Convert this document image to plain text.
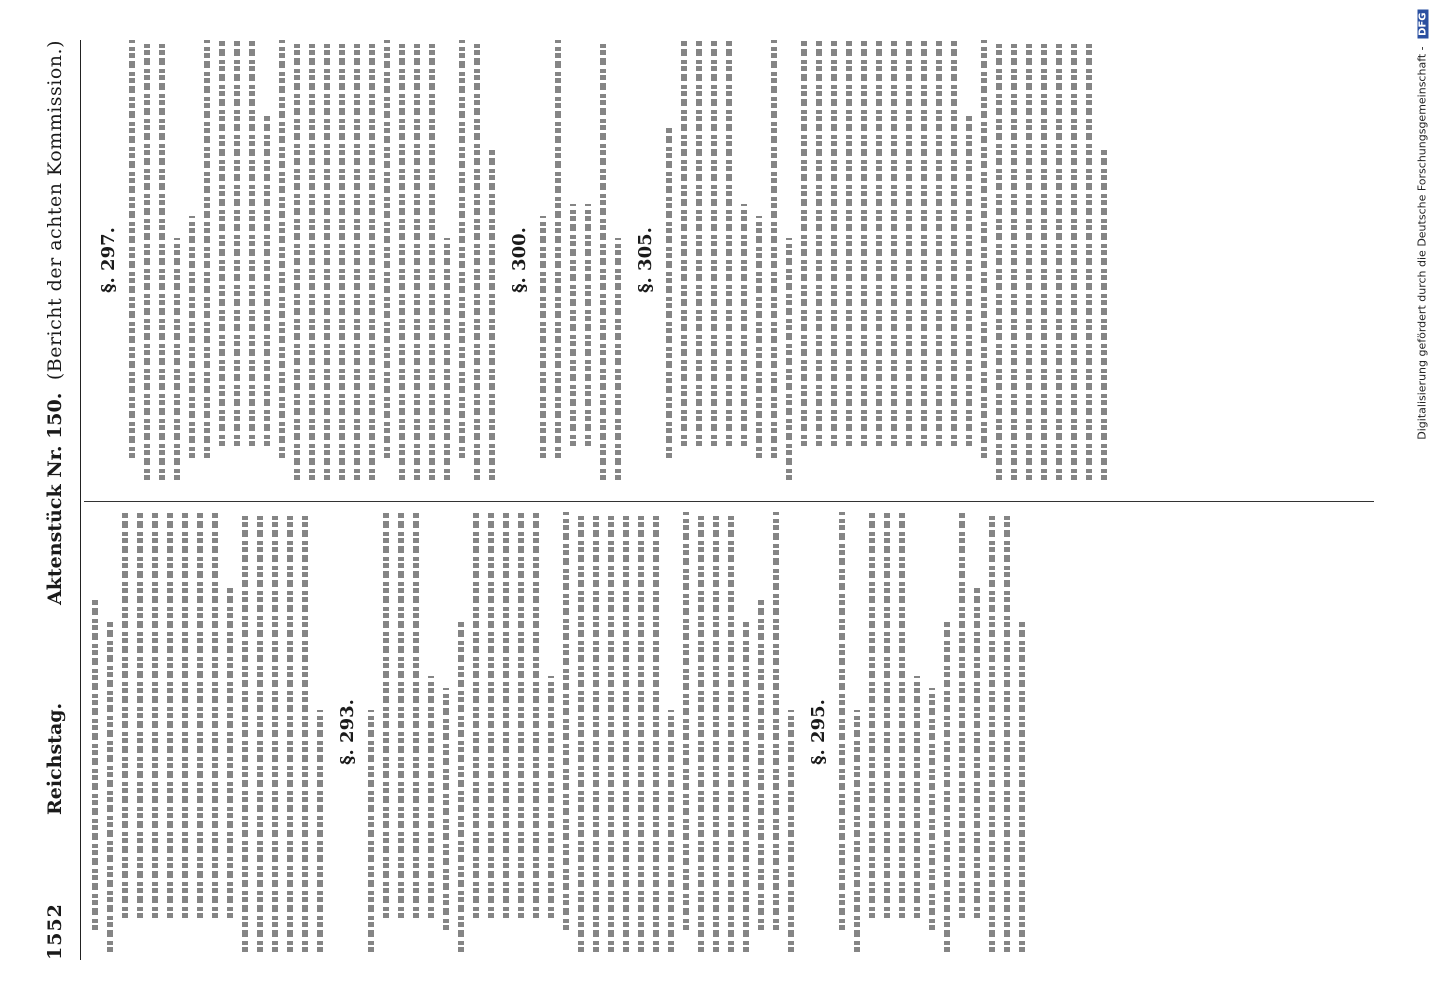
1552
Reichstag.
Aktenstück Nr. 150.
(Bericht der achten Kommission.)
§. 293.	§. 295.
§. 297.	§. 300.	§. 305.	Digitalisierung gefördert durch die Deutsche Forschungsgemeinschaft - DFG
